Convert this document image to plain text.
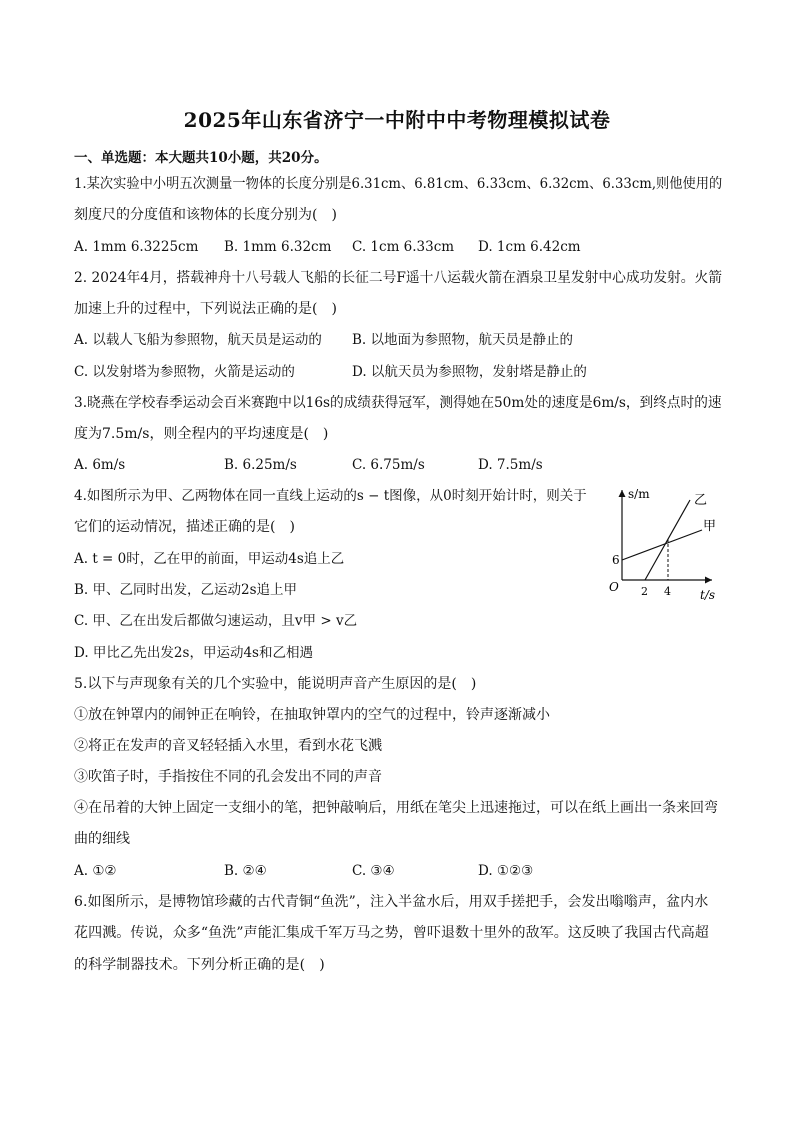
2025年山东省济宁一中附中中考物理模拟试卷
一、单选题：本大题共10小题，共20分。
1.某次实验中小明五次测量一物体的长度分别是6.31cm、6.81cm、6.33cm、6.32cm、6.33cm,则他使用的
刻度尺的分度值和该物体的长度分别为(　)
A. 1mm 6.3225cm B. 1mm 6.32cm C. 1cm 6.33cm D. 1cm 6.42cm
2. 2024年4月，搭载神舟十八号载人飞船的长征二号F遥十八运载火箭在酒泉卫星发射中心成功发射。火箭
加速上升的过程中，下列说法正确的是(　)
A. 以载人飞船为参照物，航天员是运动的 B. 以地面为参照物，航天员是静止的
C. 以发射塔为参照物，火箭是运动的	D. 以航天员为参照物，发射塔是静止的
3.晓燕在学校春季运动会百米赛跑中以16s的成绩获得冠军，测得她在50m处的速度是6m/s，到终点时的速
度为7.5m/s，则全程内的平均速度是(　)
A. 6m/s	B. 6.25m/s	C. 6.75m/s	D. 7.5m/s
4.如图所示为甲、乙两物体在同一直线上运动的s − t图像，从0时刻开始计时，则关于
它们的运动情况，描述正确的是(　)
A. t = 0时，乙在甲的前面，甲运动4s追上乙
B. 甲、乙同时出发，乙运动2s追上甲
C. 甲、乙在出发后都做匀速运动，且v甲 > v乙
D. 甲比乙先出发2s，甲运动4s和乙相遇
s/m
t/s
O
6
2 4
乙
甲
5.以下与声现象有关的几个实验中，能说明声音产生原因的是(　)
①放在钟罩内的闹钟正在响铃，在抽取钟罩内的空气的过程中，铃声逐渐减小
②将正在发声的音叉轻轻插入水里，看到水花飞溅
③吹笛子时，手指按住不同的孔会发出不同的声音
④在吊着的大钟上固定一支细小的笔，把钟敲响后，用纸在笔尖上迅速拖过，可以在纸上画出一条来回弯
曲的细线
A. ①②	B. ②④	C. ③④	D. ①②③
6.如图所示，是博物馆珍藏的古代青铜“鱼洗”，注入半盆水后，用双手搓把手，会发出嗡嗡声，盆内水
花四溅。传说，众多“鱼洗”声能汇集成千军万马之势，曾吓退数十里外的敌军。这反映了我国古代高超
的科学制器技术。下列分析正确的是(　)
